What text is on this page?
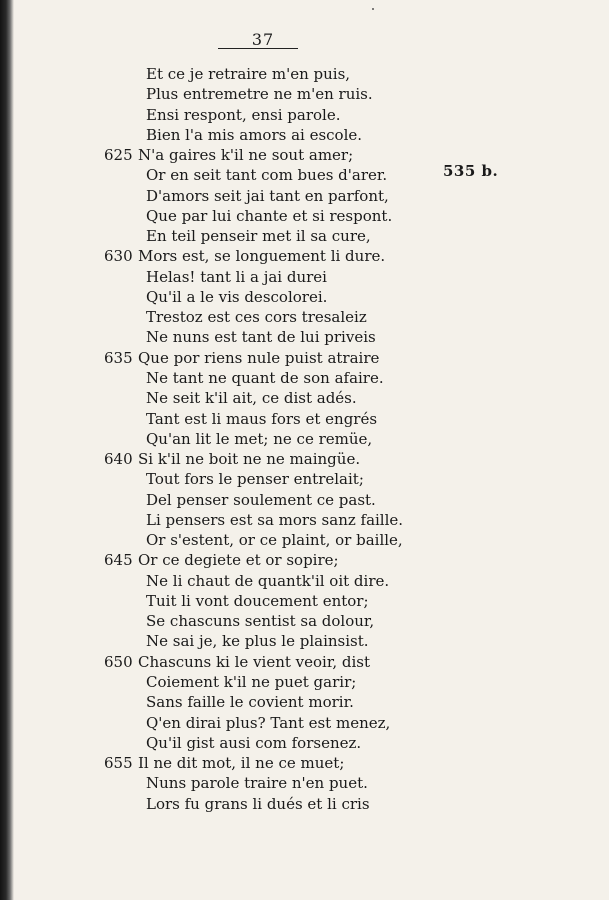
37
535 b.
Et ce je retraire m'en puis,
Plus entremetre ne m'en ruis.
Ensi respont, ensi parole.
Bien l'a mis amors ai escole.
625 N'a gaires k'il ne sout amer;
Or en seit tant com bues d'arer.
D'amors seit jai tant en parfont,
Que par lui chante et si respont.
En teil penseir met il sa cure,
630 Mors est, se longuement li dure.
Helas! tant li a jai durei
Qu'il a le vis descolorei.
Trestoz est ces cors tresaleiz
Ne nuns est tant de lui priveis
635 Que por riens nule puist atraire
Ne tant ne quant de son afaire.
Ne seit k'il ait, ce dist adés.
Tant est li maus fors et engrés
Qu'an lit le met; ne ce remüe,
640 Si k'il ne boit ne ne maingüe.
Tout fors le penser entrelait;
Del penser soulement ce past.
Li pensers est sa mors sanz faille.
Or s'estent, or ce plaint, or baille,
645 Or ce degiete et or sopire;
Ne li chaut de quantk'il oit dire.
Tuit li vont doucement entor;
Se chascuns sentist sa dolour,
Ne sai je, ke plus le plainsist.
650 Chascuns ki le vient veoir, dist
Coiement k'il ne puet garir;
Sans faille le covient morir.
Q'en dirai plus? Tant est menez,
Qu'il gist ausi com forsenez.
655 Il ne dit mot, il ne ce muet;
Nuns parole traire n'en puet.
Lors fu grans li dués et li cris
